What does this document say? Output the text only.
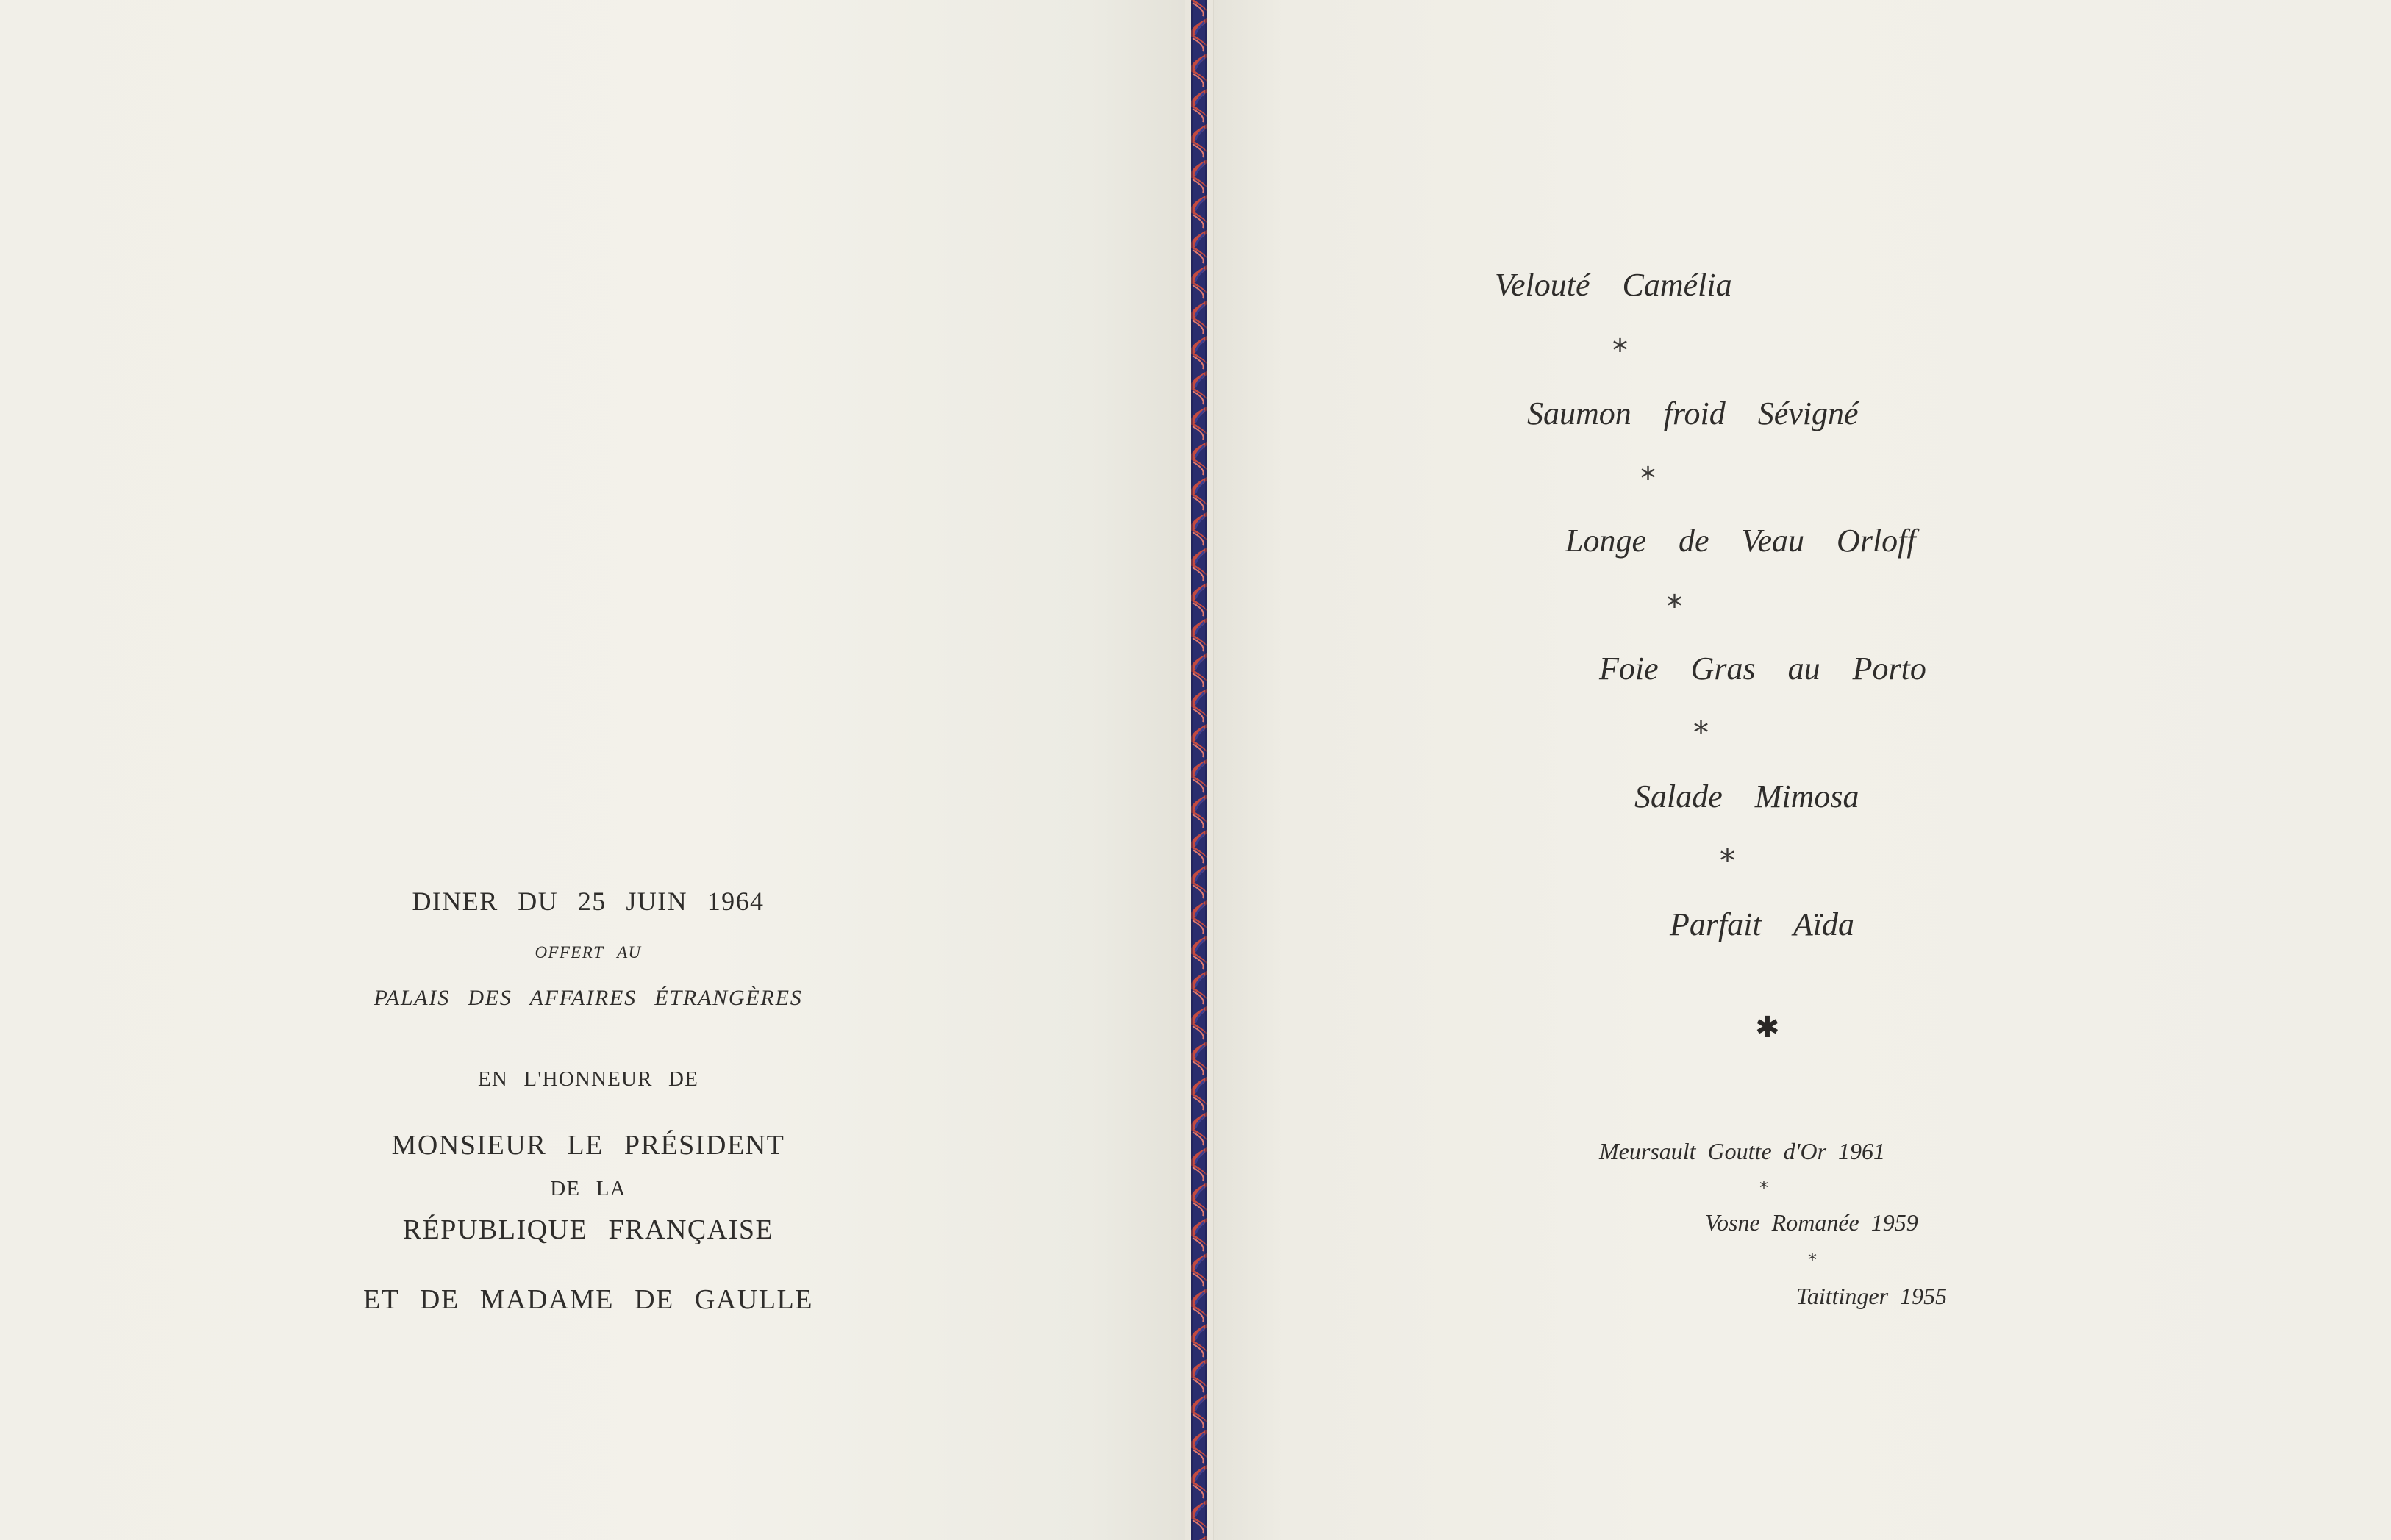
DINER DU 25 JUIN 1964
OFFERT AU
PALAIS DES AFFAIRES ÉTRANGÈRES
EN L'HONNEUR DE
MONSIEUR LE PRÉSIDENT
DE LA
RÉPUBLIQUE FRANÇAISE
ET DE MADAME DE GAULLE
Velouté Camélia
*
Saumon froid Sévigné
*
Longe de Veau Orloff
*
Foie Gras au Porto
*
Salade Mimosa
*
Parfait Aïda
✱
Meursault Goutte d'Or 1961
*
Vosne Romanée 1959
*
Taittinger 1955
